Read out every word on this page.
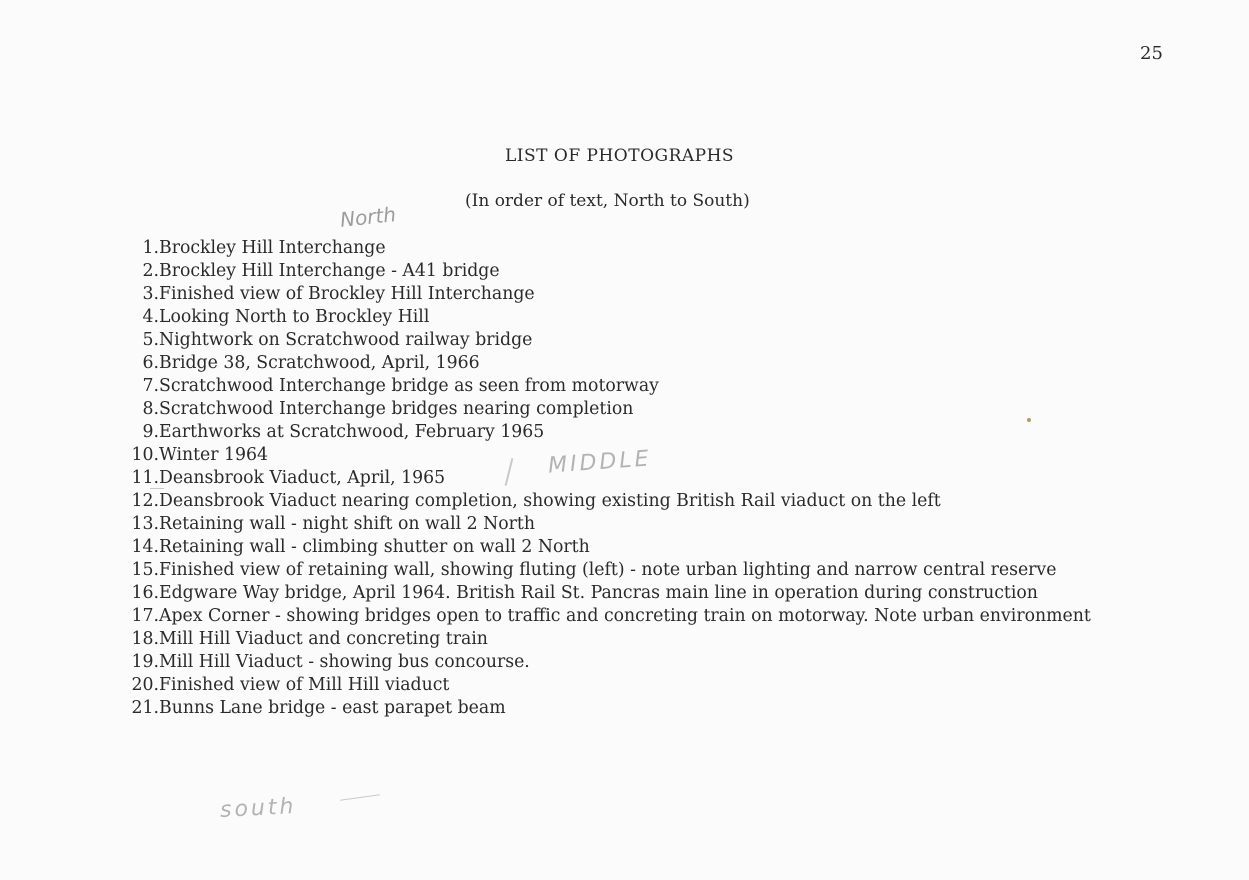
25
LIST OF PHOTOGRAPHS
(In order of text, North to South)
North
MIDDLE
south
1. Brockley Hill Interchange
2. Brockley Hill Interchange - A41 bridge
3. Finished view of Brockley Hill Interchange
4. Looking North to Brockley Hill
5. Nightwork on Scratchwood railway bridge
6. Bridge 38, Scratchwood, April, 1966
7. Scratchwood Interchange bridge as seen from motorway
8. Scratchwood Interchange bridges nearing completion
9. Earthworks at Scratchwood, February 1965
10. Winter 1964
11. Deansbrook Viaduct, April, 1965
12. Deansbrook Viaduct nearing completion, showing existing British Rail viaduct on the left
13. Retaining wall - night shift on wall 2 North
14. Retaining wall - climbing shutter on wall 2 North
15. Finished view of retaining wall, showing fluting (left) - note urban lighting and narrow central reserve
16. Edgware Way bridge, April 1964. British Rail St. Pancras main line in operation during construction
17. Apex Corner - showing bridges open to traffic and concreting train on motorway. Note urban environment
18. Mill Hill Viaduct and concreting train
19. Mill Hill Viaduct - showing bus concourse.
20. Finished view of Mill Hill viaduct
21. Bunns Lane bridge - east parapet beam
